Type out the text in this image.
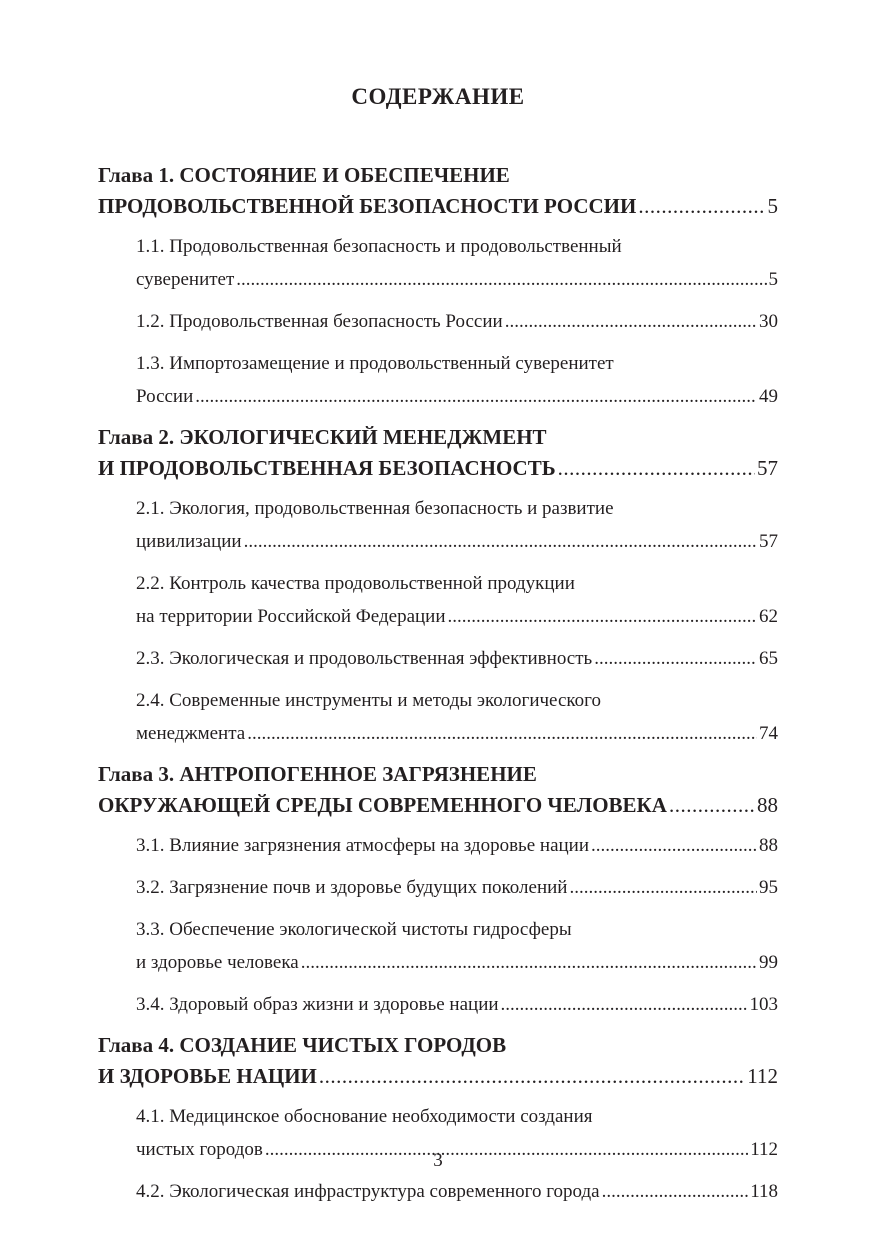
СОДЕРЖАНИЕ
Глава 1. СОСТОЯНИЕ И ОБЕСПЕЧЕНИЕ
ПРОДОВОЛЬСТВЕННОЙ БЕЗОПАСНОСТИ РОССИИ .....	5
1.1. Продовольственная безопасность и продовольственный
суверенитет .....	5
1.2. Продовольственная безопасность России .....	30
1.3. Импортозамещение и продовольственный суверенитет
России .....	49
Глава 2. ЭКОЛОГИЧЕСКИЙ МЕНЕДЖМЕНТ
И ПРОДОВОЛЬСТВЕННАЯ БЕЗОПАСНОСТЬ .....	57
2.1. Экология, продовольственная безопасность и развитие
цивилизации .....	57
2.2. Контроль качества продовольственной продукции
на территории Российской Федерации .....	62
2.3. Экологическая и продовольственная эффективность .....	65
2.4. Современные инструменты и методы экологического
менеджмента .....	74
Глава 3. АНТРОПОГЕННОЕ ЗАГРЯЗНЕНИЕ
ОКРУЖАЮЩЕЙ СРЕДЫ СОВРЕМЕННОГО ЧЕЛОВЕКА .....	88
3.1. Влияние загрязнения атмосферы на здоровье нации .....	88
3.2. Загрязнение почв и здоровье будущих поколений .....	95
3.3. Обеспечение экологической чистоты гидросферы
и здоровье человека .....	99
3.4. Здоровый образ жизни и здоровье нации .....	103
Глава 4. СОЗДАНИЕ ЧИСТЫХ ГОРОДОВ
И ЗДОРОВЬЕ НАЦИИ .....	112
4.1. Медицинское обоснование необходимости создания
чистых городов .....	112
4.2. Экологическая инфраструктура современного города .....	118
3
